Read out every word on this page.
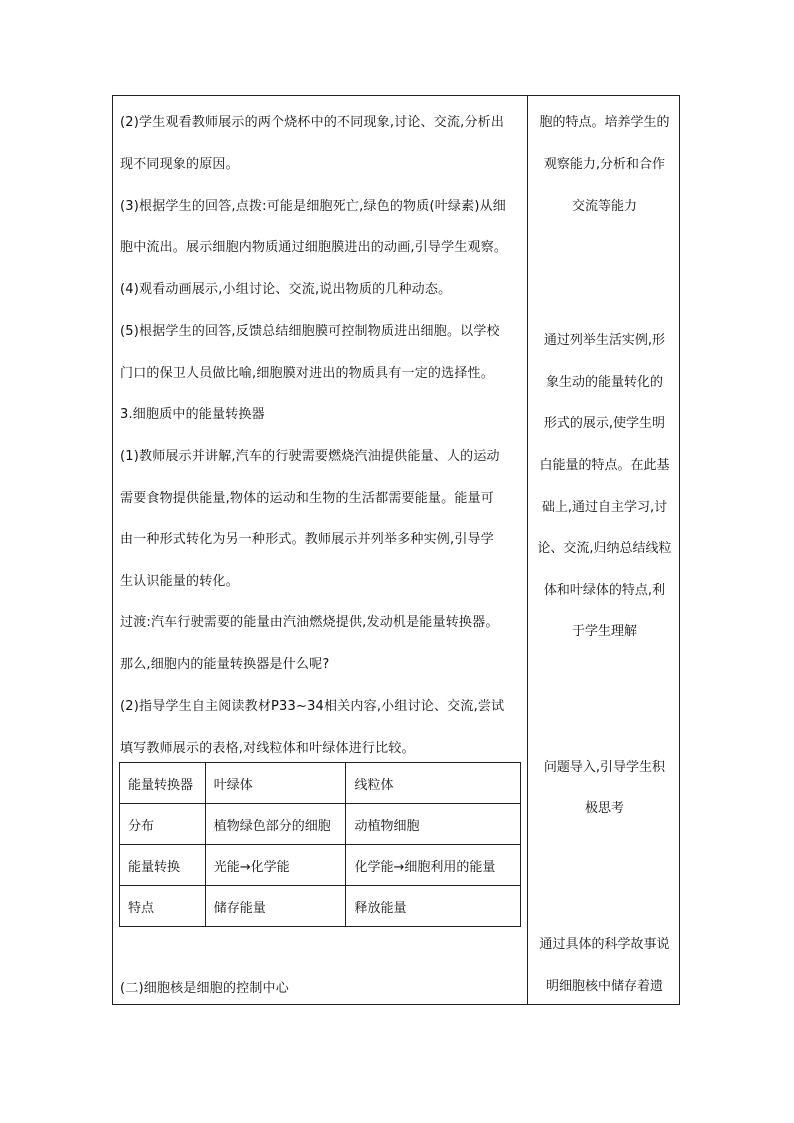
(2)学生观看教师展示的两个烧杯中的不同现象,讨论、交流,分析出
现不同现象的原因。
(3)根据学生的回答,点拨:可能是细胞死亡,绿色的物质(叶绿素)从细
胞中流出。展示细胞内物质通过细胞膜进出的动画,引导学生观察。
(4)观看动画展示,小组讨论、交流,说出物质的几种动态。
(5)根据学生的回答,反馈总结细胞膜可控制物质进出细胞。以学校
门口的保卫人员做比喻,细胞膜对进出的物质具有一定的选择性。
3.细胞质中的能量转换器
(1)教师展示并讲解,汽车的行驶需要燃烧汽油提供能量、人的运动
需要食物提供能量,物体的运动和生物的生活都需要能量。能量可
由一种形式转化为另一种形式。教师展示并列举多种实例,引导学
生认识能量的转化。
过渡:汽车行驶需要的能量由汽油燃烧提供,发动机是能量转换器。
那么,细胞内的能量转换器是什么呢?
(2)指导学生自主阅读教材P33~34相关内容,小组讨论、交流,尝试
填写教师展示的表格,对线粒体和叶绿体进行比较。
(二)细胞核是细胞的控制中心
能量转换器	叶绿体	线粒体
分布	植物绿色部分的细胞	动植物细胞
能量转换	光能→化学能	化学能→细胞利用的能量
特点	储存能量	释放能量
胞的特点。培养学生的
观察能力,分析和合作
交流等能力
通过列举生活实例,形
象生动的能量转化的
形式的展示,使学生明
白能量的特点。在此基
础上,通过自主学习,讨
论、交流,归纳总结线粒
体和叶绿体的特点,利
于学生理解
问题导入,引导学生积
极思考
通过具体的科学故事说
明细胞核中储存着遗
